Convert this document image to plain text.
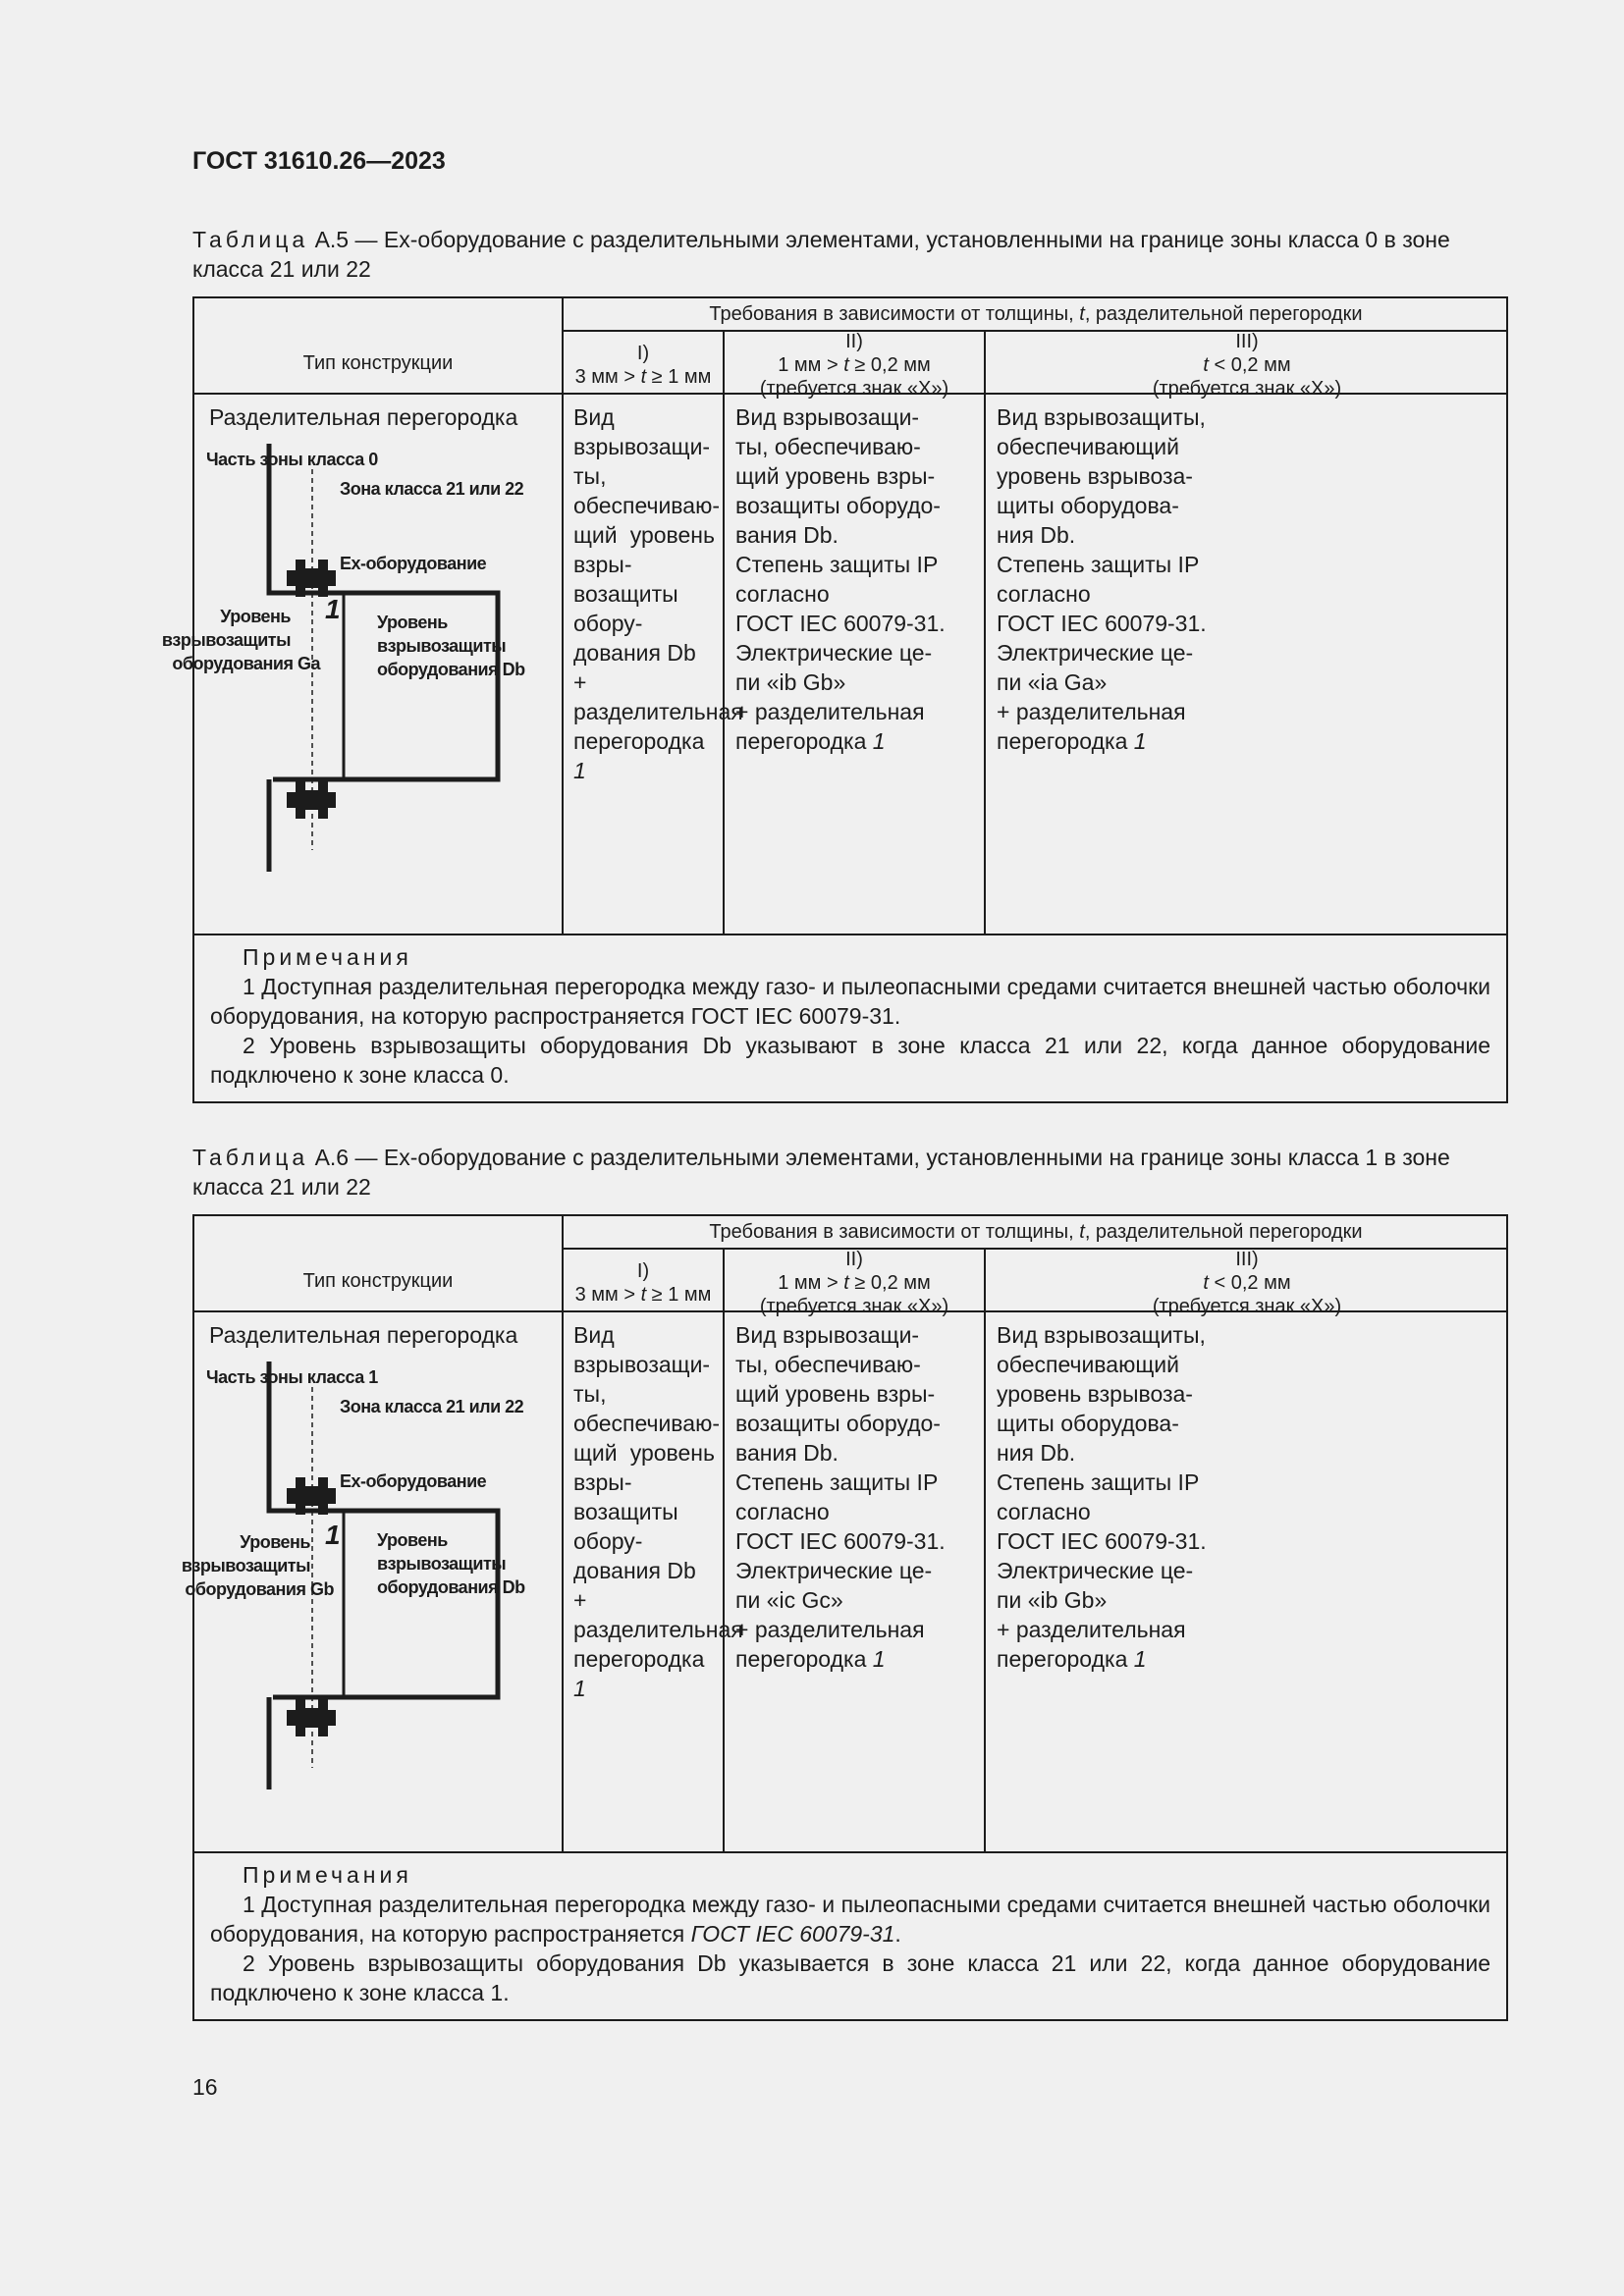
ГОСТ 31610.26—2023
Таблица А.5 — Ex-оборудование с разделительными элементами, установленными на границе зоны класса 0 в зоне класса 21 или 22
Тип конструкции
Требования в зависимости от толщины, t, разделительной перегородки
I)
3 мм > t ≥ 1 мм
II)
1 мм > t ≥ 0,2 мм
(требуется знак «Х»)
III)
t < 0,2 мм
(требуется знак «Х»)
Разделительная перегородка Вид взрывозащи-
ты, обеспечиваю-
щий уровень взры-
возащиты обору-
дования Db
+ разделительная
перегородка 1
Вид взрывозащи-
ты, обеспечиваю-
щий уровень взры-
возащиты оборудо-
вания Db.
Степень защиты IP
согласно
ГОСТ IEC 60079-31.
Электрические це-
пи «ib Gb»
+ разделительная
перегородка 1
Вид взрывозащиты,
обеспечивающий
уровень взрывоза-
щиты оборудова-
ния Db.
Степень защиты IP
согласно
ГОСТ IEC 60079-31.
Электрические це-
пи «ia Ga»
+ разделительная
перегородка 1
Примечания
1 Доступная разделительная перегородка между газо- и пылеопасными средами считается внешней частью оболочки оборудования, на которую распространяется ГОСТ IEC 60079-31.
2 Уровень взрывозащиты оборудования Db указывают в зоне класса 21 или 22, когда данное оборудование подключено к зоне класса 0.
Часть зоны класса 0
Зона класса 21 или 22
Ex-оборудование
Уровень
взрывозащиты
оборудования Ga
1 Уровень
взрывозащиты
оборудования Db
Таблица А.6 — Ex-оборудование с разделительными элементами, установленными на границе зоны класса 1 в зоне класса 21 или 22
Тип конструкции
Требования в зависимости от толщины, t, разделительной перегородки
I)
3 мм > t ≥ 1 мм
II)
1 мм > t ≥ 0,2 мм
(требуется знак «Х»)
III)
t < 0,2 мм
(требуется знак «Х»)
Разделительная перегородка Вид взрывозащи-
ты, обеспечиваю-
щий уровень взры-
возащиты обору-
дования Db
+ разделительная
перегородка 1
Вид взрывозащи-
ты, обеспечиваю-
щий уровень взры-
возащиты оборудо-
вания Db.
Степень защиты IP
согласно
ГОСТ IEC 60079-31.
Электрические це-
пи «ic Gc»
+ разделительная
перегородка 1
Вид взрывозащиты,
обеспечивающий
уровень взрывоза-
щиты оборудова-
ния Db.
Степень защиты IP
согласно
ГОСТ IEC 60079-31.
Электрические це-
пи «ib Gb»
+ разделительная
перегородка 1
Примечания
1 Доступная разделительная перегородка между газо- и пылеопасными средами считается внешней частью оболочки оборудования, на которую распространяется ГОСТ IEC 60079-31.
2 Уровень взрывозащиты оборудования Db указывается в зоне класса 21 или 22, когда данное оборудование подключено к зоне класса 1.
Часть зоны класса 1
Зона класса 21 или 22
Ex-оборудование
Уровень
взрывозащиты
оборудования Gb
1 Уровень
взрывозащиты
оборудования Db
16
